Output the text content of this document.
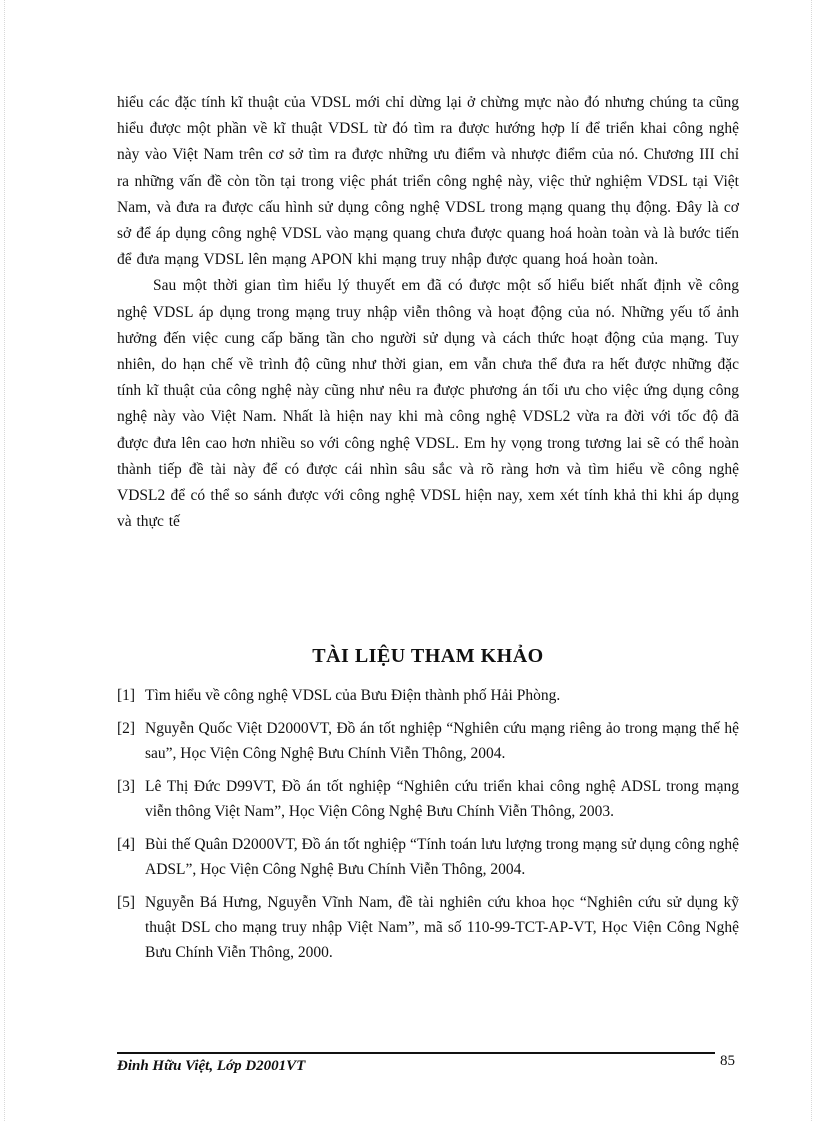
hiểu các đặc tính kĩ thuật của VDSL mới chỉ dừng lại ở chừng mực nào đó nhưng chúng ta cũng hiểu được một phần về kĩ thuật VDSL từ đó tìm ra được hướng hợp lí để triển khai công nghệ này vào Việt Nam trên cơ sở tìm ra được những ưu điểm và nhược điểm của nó. Chương III chỉ ra những vấn đề còn tồn tại trong việc phát triển công nghệ này, việc thử nghiệm VDSL tại Việt Nam, và đưa ra được cấu hình sử dụng công nghệ VDSL trong mạng quang thụ động. Đây là cơ sở để áp dụng công nghệ VDSL vào mạng quang chưa được quang hoá hoàn toàn và là bước tiến để đưa mạng VDSL lên mạng APON khi mạng truy nhập được quang hoá hoàn toàn.

Sau một thời gian tìm hiểu lý thuyết em đã có được một số hiểu biết nhất định về công nghệ VDSL áp dụng trong mạng truy nhập viễn thông và hoạt động của nó. Những yếu tố ảnh hưởng đến việc cung cấp băng tần cho người sử dụng và cách thức hoạt động của mạng. Tuy nhiên, do hạn chế về trình độ cũng như thời gian, em vẫn chưa thể đưa ra hết được những đặc tính kĩ thuật của công nghệ này cũng như nêu ra được phương án tối ưu cho việc ứng dụng công nghệ này vào Việt Nam. Nhất là hiện nay khi mà công nghệ VDSL2 vừa ra đời với tốc độ đã được đưa lên cao hơn nhiều so với công nghệ VDSL. Em hy vọng trong tương lai sẽ có thể hoàn thành tiếp đề tài này để có được cái nhìn sâu sắc và rõ ràng hơn và tìm hiểu về công nghệ VDSL2 để có thể so sánh được với công nghệ VDSL hiện nay, xem xét tính khả thi khi áp dụng và thực tế

TÀI LIỆU THAM KHẢO
[1] Tìm hiểu về công nghệ VDSL của Bưu Điện thành phố Hải Phòng.
[2] Nguyễn Quốc Việt D2000VT, Đồ án tốt nghiệp “Nghiên cứu mạng riêng ảo trong mạng thế hệ sau”, Học Viện Công Nghệ Bưu Chính Viễn Thông, 2004.
[3] Lê Thị Đức D99VT, Đồ án tốt nghiệp “Nghiên cứu triển khai công nghệ ADSL trong mạng viễn thông Việt Nam”, Học Viện Công Nghệ Bưu Chính Viễn Thông, 2003.
[4] Bùi thế Quân D2000VT, Đồ án tốt nghiệp “Tính toán lưu lượng trong mạng sử dụng công nghệ ADSL”, Học Viện Công Nghệ Bưu Chính Viễn Thông, 2004.
[5] Nguyễn Bá Hưng, Nguyễn Vĩnh Nam, đề tài nghiên cứu khoa học “Nghiên cứu sử dụng kỹ thuật DSL cho mạng truy nhập Việt Nam”, mã số 110-99-TCT-AP-VT, Học Viện Công Nghệ Bưu Chính Viễn Thông, 2000.
Đinh Hữu Việt, Lớp D2001VT	85
